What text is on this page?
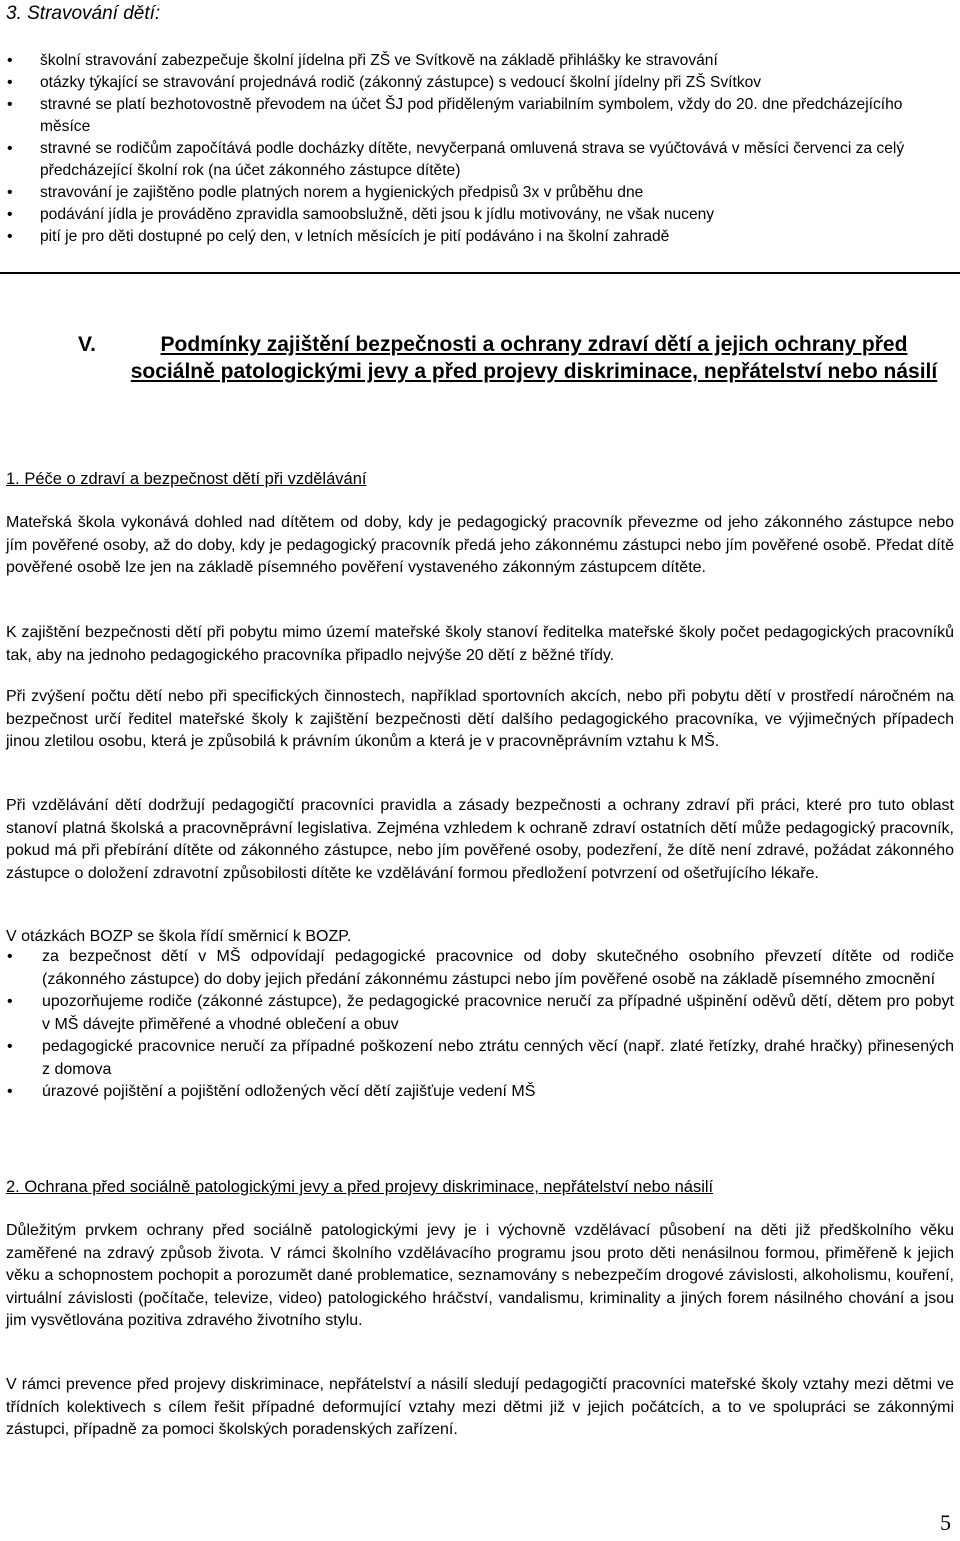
3. Stravování dětí:
• školní stravování zabezpečuje školní jídelna při ZŠ ve Svítkově na základě přihlášky ke stravování
• otázky týkající se stravování projednává rodič (zákonný zástupce) s vedoucí školní jídelny při ZŠ Svítkov
• stravné se platí bezhotovostně převodem na účet ŠJ pod přiděleným variabilním symbolem, vždy do 20. dne předcházejícího měsíce
• stravné se rodičům započítává podle docházky dítěte, nevyčerpaná omluvená strava se vyúčtovává v měsíci červenci za celý předcházející školní rok (na účet zákonného zástupce dítěte)
• stravování je zajištěno podle platných norem a hygienických předpisů 3x v průběhu dne
• podávání jídla je prováděno zpravidla samoobslužně, děti jsou k jídlu motivovány, ne však nuceny
• pití je pro děti dostupné po celý den, v letních měsících je pití podáváno i na školní zahradě
V.	Podmínky zajištění bezpečnosti a ochrany zdraví dětí a jejich ochrany před sociálně patologickými jevy a před projevy diskriminace, nepřátelství nebo násilí
1. Péče o zdraví a bezpečnost dětí při vzdělávání

Mateřská škola vykonává dohled nad dítětem od doby, kdy je pedagogický pracovník převezme od jeho zákonného zástupce nebo jím pověřené osoby, až do doby, kdy je pedagogický pracovník předá jeho zákonnému zástupci nebo jím pověřené osobě. Předat dítě pověřené osobě lze jen na základě písemného pověření vystaveného zákonným zástupcem dítěte.

K zajištění bezpečnosti dětí při pobytu mimo území mateřské školy stanoví ředitelka mateřské školy počet pedagogických pracovníků tak, aby na jednoho pedagogického pracovníka připadlo nejvýše 20 dětí z běžné třídy.

Při zvýšení počtu dětí nebo při specifických činnostech, například sportovních akcích, nebo při pobytu dětí v prostředí náročném na bezpečnost určí ředitel mateřské školy k zajištění bezpečnosti dětí dalšího pedagogického pracovníka, ve výjimečných případech jinou zletilou osobu, která je způsobilá k právním úkonům a která je v pracovněprávním vztahu k MŠ.

Při vzdělávání dětí dodržují pedagogičtí pracovníci pravidla a zásady bezpečnosti a ochrany zdraví při práci, které pro tuto oblast stanoví platná školská a pracovněprávní legislativa. Zejména vzhledem k ochraně zdraví ostatních dětí může pedagogický pracovník, pokud má při přebírání dítěte od zákonného zástupce, nebo jím pověřené osoby, podezření, že dítě není zdravé, požádat zákonného zástupce o doložení zdravotní způsobilosti dítěte ke vzdělávání formou předložení potvrzení od ošetřujícího lékaře.

V otázkách BOZP se škola řídí směrnicí k BOZP.

• za bezpečnost dětí v MŠ odpovídají pedagogické pracovnice od doby skutečného osobního převzetí dítěte od rodiče (zákonného zástupce) do doby jejich předání zákonnému zástupci nebo jím pověřené osobě na základě písemného zmocnění
• upozorňujeme rodiče (zákonné zástupce), že pedagogické pracovnice neručí za případné ušpinění oděvů dětí, dětem pro pobyt v MŠ dávejte přiměřené a vhodné oblečení a obuv
• pedagogické pracovnice neručí za případné poškození nebo ztrátu cenných věcí (např. zlaté řetízky, drahé hračky) přinesených z domova
• úrazové pojištění a pojištění odložených věcí dětí zajišťuje vedení MŠ
2. Ochrana před sociálně patologickými jevy a před projevy diskriminace, nepřátelství nebo násilí

Důležitým prvkem ochrany před sociálně patologickými jevy je i výchovně vzdělávací působení na děti již předškolního věku zaměřené na zdravý způsob života. V rámci školního vzdělávacího programu jsou proto děti nenásilnou formou, přiměřeně k jejich věku a schopnostem pochopit a porozumět dané problematice, seznamovány s nebezpečím drogové závislosti, alkoholismu, kouření, virtuální závislosti (počítače, televize, video) patologického hráčství, vandalismu, kriminality a jiných forem násilného chování a jsou jim vysvětlována pozitiva zdravého životního stylu.

V rámci prevence před projevy diskriminace, nepřátelství a násilí sledují pedagogičtí pracovníci mateřské školy vztahy mezi dětmi ve třídních kolektivech s cílem řešit případné deformující vztahy mezi dětmi již v jejich počátcích, a to ve spolupráci se zákonnými zástupci, případně za pomoci školských poradenských zařízení.

5
